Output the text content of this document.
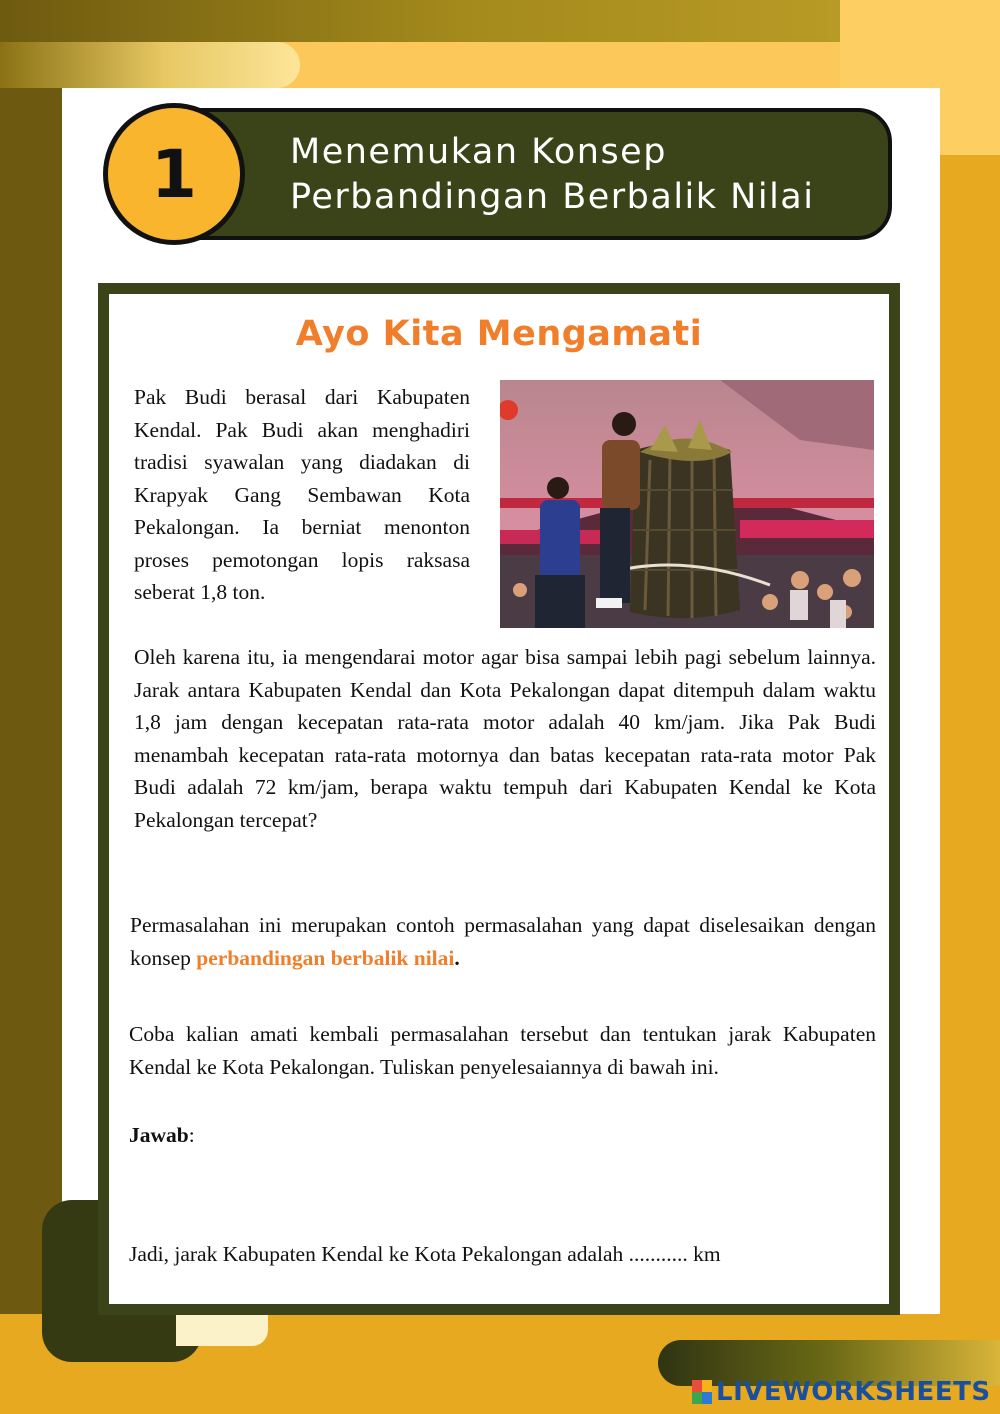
Menemukan Konsep
Perbandingan Berbalik Nilai
1
Ayo Kita Mengamati

Pak Budi berasal dari Kabupaten Kendal. Pak Budi akan menghadiri tradisi syawalan yang diadakan di Krapyak Gang Sembawan Kota Pekalongan. Ia berniat menonton proses pemotongan lopis raksasa seberat 1,8 ton.

Oleh karena itu, ia mengendarai motor agar bisa sampai lebih pagi sebelum lainnya. Jarak antara Kabupaten Kendal dan Kota Pekalongan dapat ditempuh dalam waktu 1,8 jam dengan kecepatan rata-rata motor adalah 40 km/jam. Jika Pak Budi menambah kecepatan rata-rata motornya dan batas kecepatan rata-rata motor Pak Budi adalah 72 km/jam, berapa waktu tempuh dari Kabupaten Kendal ke Kota Pekalongan tercepat?

Permasalahan ini merupakan contoh permasalahan yang dapat diselesaikan dengan konsep perbandingan berbalik nilai.

Coba kalian amati kembali permasalahan tersebut dan tentukan jarak Kabupaten Kendal ke Kota Pekalongan. Tuliskan penyelesaiannya di bawah ini.

Jawab:
Jadi, jarak Kabupaten Kendal ke Kota Pekalongan adalah ........... km
LIVEWORKSHEETS
